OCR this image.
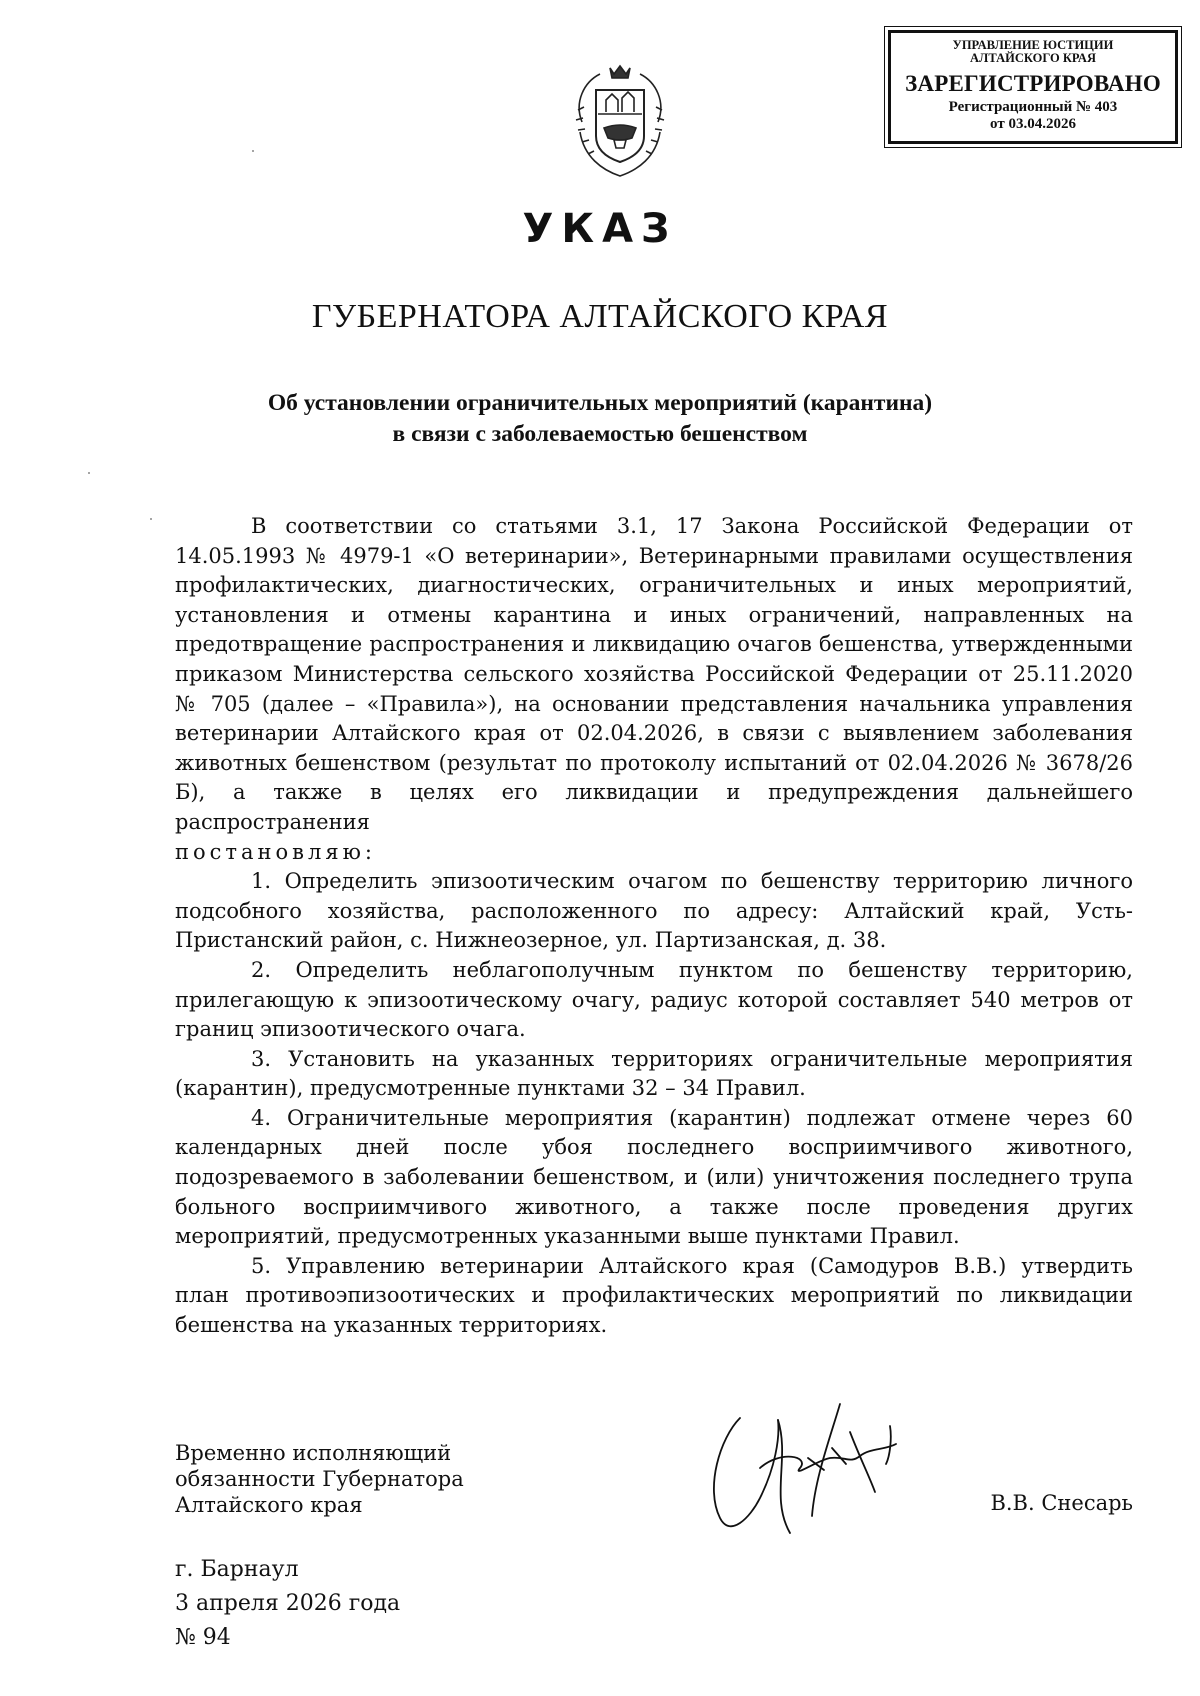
УПРАВЛЕНИЕ ЮСТИЦИИ
АЛТАЙСКОГО КРАЯ
ЗАРЕГИСТРИРОВАНО
Регистрационный № 403
от 03.04.2026
УКАЗ
ГУБЕРНАТОРА АЛТАЙСКОГО КРАЯ
Об установлении ограничительных мероприятий (карантина)
в связи с заболеваемостью бешенством

В соответствии со статьями 3.1, 17 Закона Российской Федерации от 14.05.1993 № 4979-1 «О ветеринарии», Ветеринарными правилами осуществления профилактических, диагностических, ограничительных и иных мероприятий, установления и отмены карантина и иных ограничений, направленных на предотвращение распространения и ликвидацию очагов бешенства, утвержденными приказом Министерства сельского хозяйства Российской Федерации от 25.11.2020 № 705 (далее – «Правила»), на основании представления начальника управления ветеринарии Алтайского края от 02.04.2026, в связи с выявлением заболевания животных бешенством (результат по протоколу испытаний от 02.04.2026 № 3678/26 Б), а также в целях его ликвидации и предупреждения дальнейшего распространения

постановляю:

1. Определить эпизоотическим очагом по бешенству территорию личного подсобного хозяйства, расположенного по адресу: Алтайский край, Усть-Пристанский район, с. Нижнеозерное, ул. Партизанская, д. 38.

2. Определить неблагополучным пунктом по бешенству территорию, прилегающую к эпизоотическому очагу, радиус которой составляет 540 метров от границ эпизоотического очага.

3. Установить на указанных территориях ограничительные мероприятия (карантин), предусмотренные пунктами 32 – 34 Правил.

4. Ограничительные мероприятия (карантин) подлежат отмене через 60 календарных дней после убоя последнего восприимчивого животного, подозреваемого в заболевании бешенством, и (или) уничтожения последнего трупа больного восприимчивого животного, а также после проведения других мероприятий, предусмотренных указанными выше пунктами Правил.

5. Управлению ветеринарии Алтайского края (Самодуров В.В.) утвердить план противоэпизоотических и профилактических мероприятий по ликвидации бешенства на указанных территориях.

Временно исполняющий
обязанности Губернатора
Алтайского края	В.В. Снесарь
г. Барнаул
3 апреля 2026 года
№ 94
